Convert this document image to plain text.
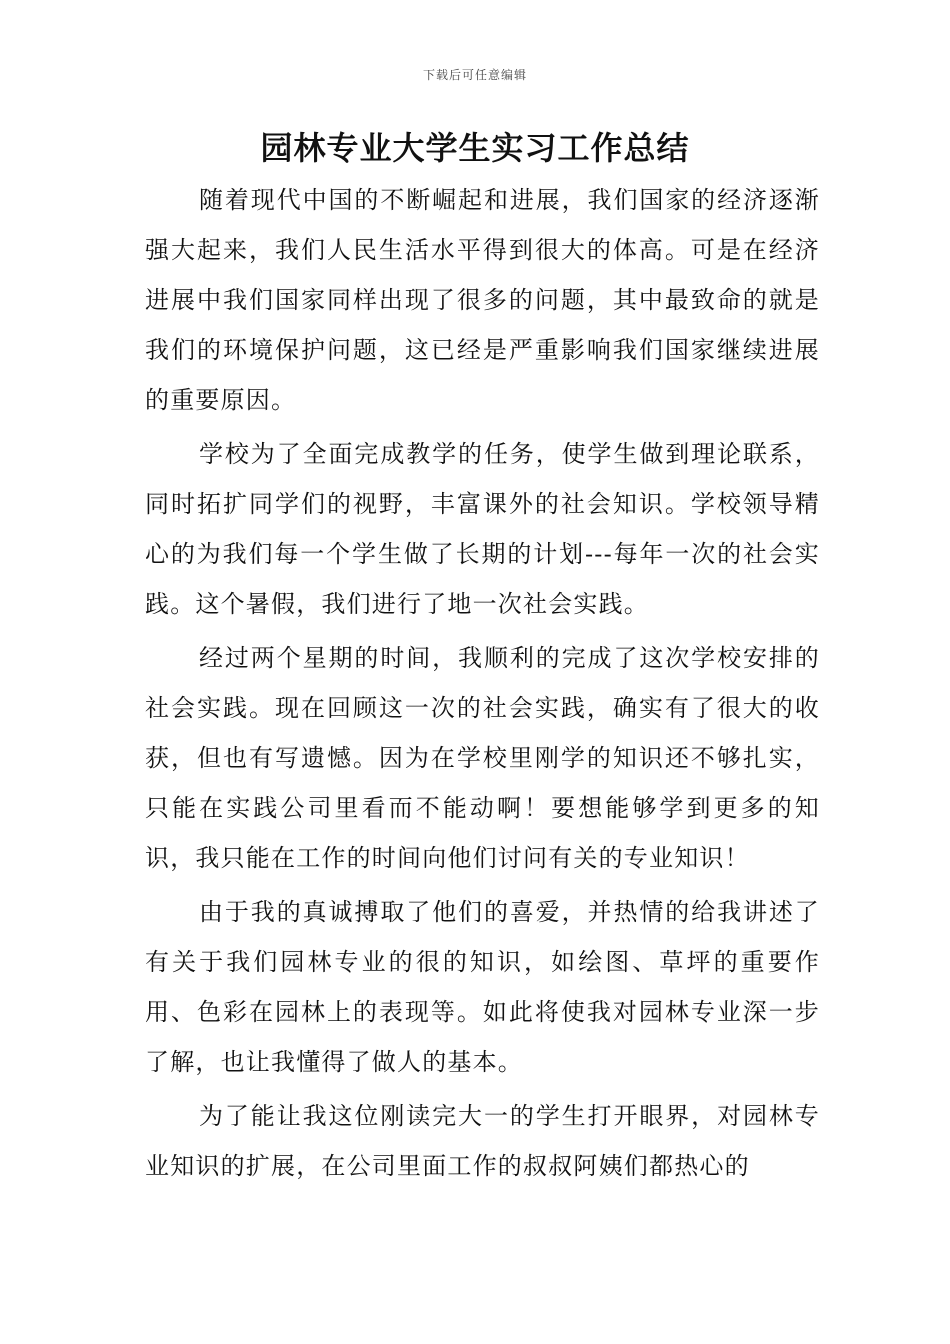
下载后可任意编辑
园林专业大学生实习工作总结

随着现代中国的不断崛起和进展，我们国家的经济逐渐强大起来，我们人民生活水平得到很大的体高。可是在经济进展中我们国家同样出现了很多的问题，其中最致命的就是我们的环境保护问题，这已经是严重影响我们国家继续进展的重要原因。

学校为了全面完成教学的任务，使学生做到理论联系，同时拓扩同学们的视野，丰富课外的社会知识。学校领导精心的为我们每一个学生做了长期的计划---每年一次的社会实践。这个暑假，我们进行了地一次社会实践。

经过两个星期的时间，我顺利的完成了这次学校安排的社会实践。现在回顾这一次的社会实践，确实有了很大的收获，但也有写遗憾。因为在学校里刚学的知识还不够扎实，只能在实践公司里看而不能动啊！要想能够学到更多的知识，我只能在工作的时间向他们讨问有关的专业知识！

由于我的真诚搏取了他们的喜爱，并热情的给我讲述了有关于我们园林专业的很的知识，如绘图、草坪的重要作用、色彩在园林上的表现等。如此将使我对园林专业深一步了解，也让我懂得了做人的基本。

为了能让我这位刚读完大一的学生打开眼界，对园林专业知识的扩展，在公司里面工作的叔叔阿姨们都热心的
